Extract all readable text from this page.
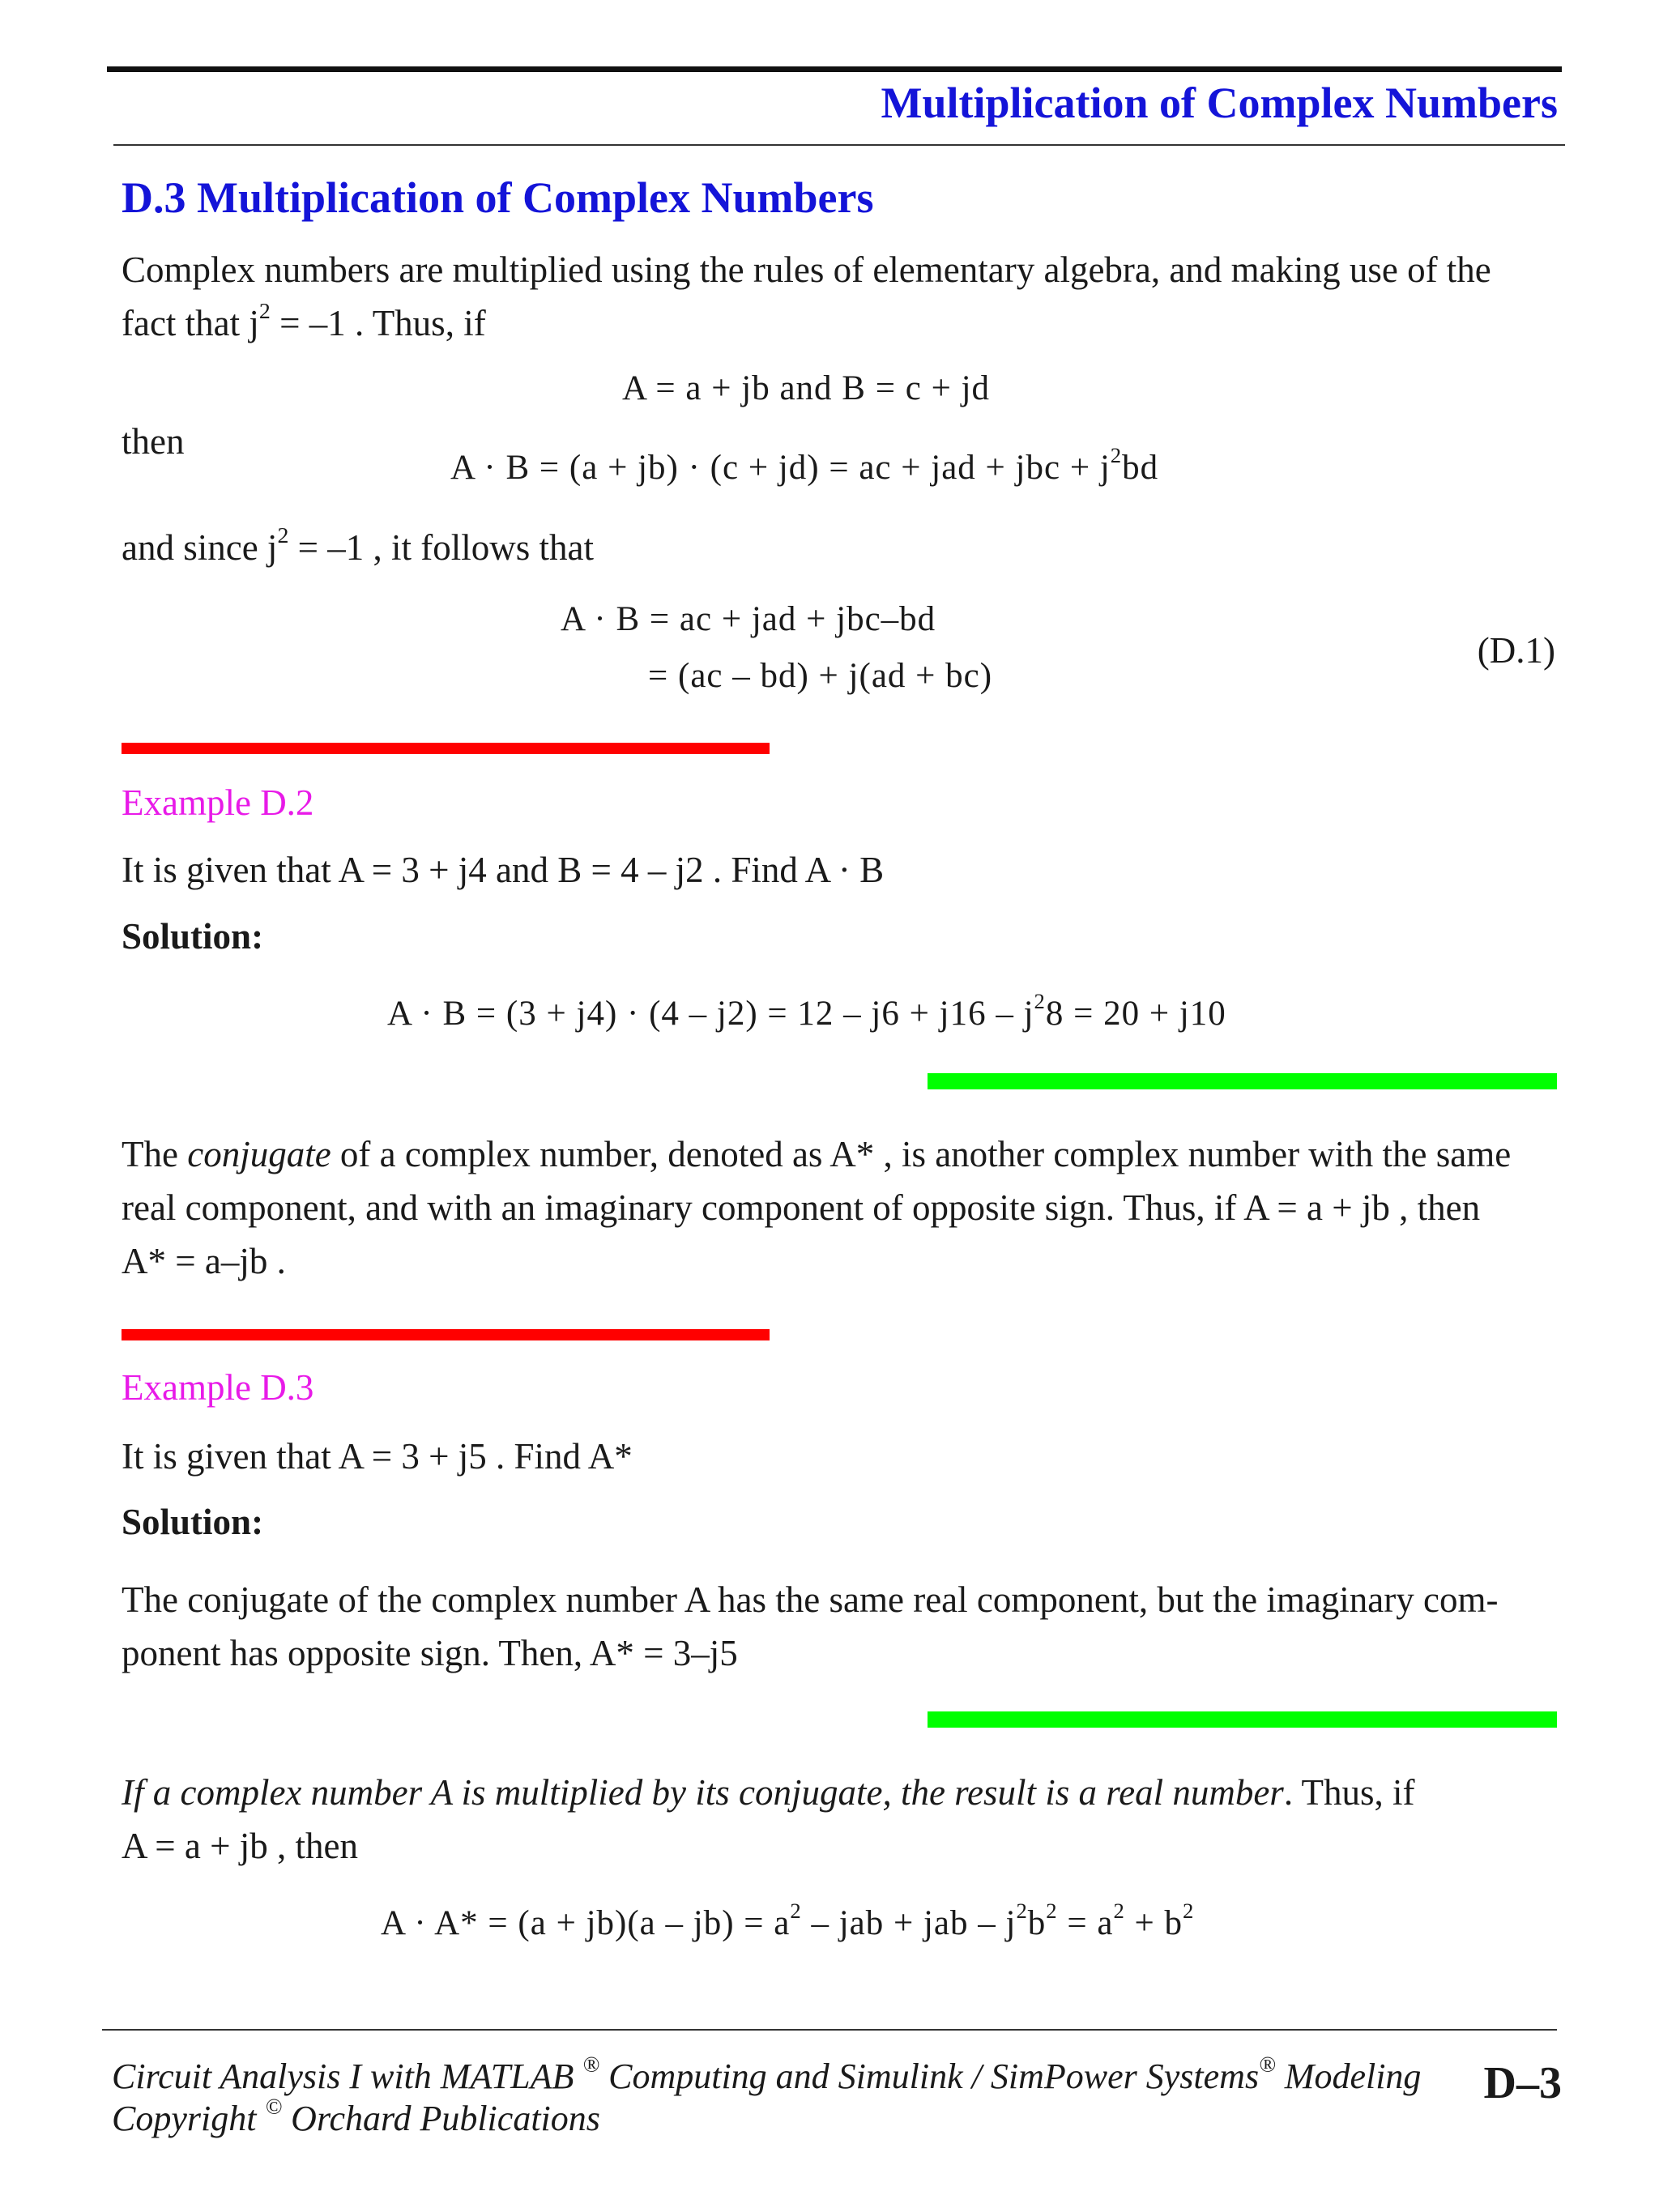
Multiplication of Complex Numbers
D.3 Multiplication of Complex Numbers
Complex numbers are multiplied using the rules of elementary algebra, and making use of the
fact that $j^2 = -1$ . Thus, if
A = a + jb and B = c + jd
then
A · B = (a + jb) · (c + jd) = ac + jad + jbc + $j^2bd$
and since $j^2 = -1$ , it follows that
A · B = ac + jad + jbc–bd
= (ac – bd) + j(ad + bc)
(D.1)
Example D.2
It is given that A = 3 + j4 and B = 4 – j2 . Find A · B
Solution:
$A \cdot B = (3 + j4) \cdot (4 - j2) = 12 - j6 + j16 - j^28 = 20 + j10$
The conjugate of a complex number, denoted as A* , is another complex number with the same
real component, and with an imaginary component of opposite sign. Thus, if A = a + jb , then
A* = a–jb .
Example D.3
It is given that A = 3 + j5 . Find A*
Solution:
The conjugate of the complex number A has the same real component, but the imaginary com-
ponent has opposite sign. Then, A* = 3–j5
If a complex number A is multiplied by its conjugate, the result is a real number. Thus, if
A = a + jb , then
$A \cdot A* = (a + jb)(a - jb) = a^2$ – jab + jab – $j^2b^2 = a^2 + b^2$
Circuit Analysis I with MATLAB ® Computing and Simulink / SimPower Systems® Modeling
Copyright © Orchard Publications
D–3
